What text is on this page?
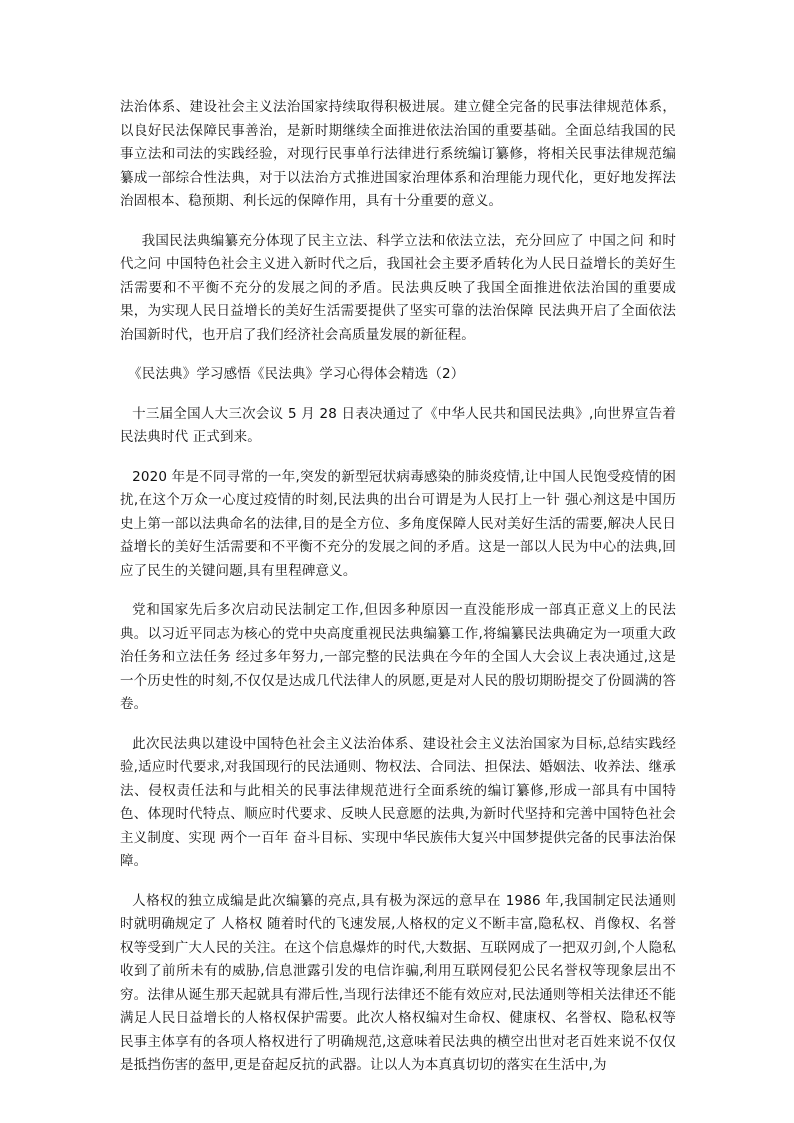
法治体系、建设社会主义法治国家持续取得积极进展。建立健全完备的民事法律规范体系，以良好民法保障民事善治，是新时期继续全面推进依法治国的重要基础。全面总结我国的民事立法和司法的实践经验，对现行民事单行法律进行系统编订纂修，将相关民事法律规范编纂成一部综合性法典，对于以法治方式推进国家治理体系和治理能力现代化，更好地发挥法治固根本、稳预期、利长远的保障作用，具有十分重要的意义。

我国民法典编纂充分体现了民主立法、科学立法和依法立法，充分回应了 中国之问 和时代之问 中国特色社会主义进入新时代之后，我国社会主要矛盾转化为人民日益增长的美好生活需要和不平衡不充分的发展之间的矛盾。民法典反映了我国全面推进依法治国的重要成果，为实现人民日益增长的美好生活需要提供了坚实可靠的法治保障 民法典开启了全面依法治国新时代，也开启了我们经济社会高质量发展的新征程。

《民法典》学习感悟《民法典》学习心得体会精选（2）

十三届全国人大三次会议 5 月 28 日表决通过了《中华人民共和国民法典》,向世界宣告着民法典时代 正式到来。

2020 年是不同寻常的一年,突发的新型冠状病毒感染的肺炎疫情,让中国人民饱受疫情的困扰,在这个万众一心度过疫情的时刻,民法典的出台可谓是为人民打上一针 强心剂这是中国历史上第一部以法典命名的法律,目的是全方位、多角度保障人民对美好生活的需要,解决人民日益增长的美好生活需要和不平衡不充分的发展之间的矛盾。这是一部以人民为中心的法典,回应了民生的关键问题,具有里程碑意义。

党和国家先后多次启动民法制定工作,但因多种原因一直没能形成一部真正意义上的民法典。以习近平同志为核心的党中央高度重视民法典编纂工作,将编纂民法典确定为一项重大政治任务和立法任务 经过多年努力,一部完整的民法典在今年的全国人大会议上表决通过,这是一个历史性的时刻,不仅仅是达成几代法律人的夙愿,更是对人民的殷切期盼提交了份圆满的答卷。

此次民法典以建设中国特色社会主义法治体系、建设社会主义法治国家为目标,总结实践经验,适应时代要求,对我国现行的民法通则、物权法、合同法、担保法、婚姻法、收养法、继承法、侵权责任法和与此相关的民事法律规范进行全面系统的编订纂修,形成一部具有中国特色、体现时代特点、顺应时代要求、反映人民意愿的法典,为新时代坚持和完善中国特色社会主义制度、实现 两个一百年 奋斗目标、实现中华民族伟大复兴中国梦提供完备的民事法治保障。

人格权的独立成编是此次编纂的亮点,具有极为深远的意早在 1986 年,我国制定民法通则时就明确规定了 人格权 随着时代的飞速发展,人格权的定义不断丰富,隐私权、肖像权、名誉权等受到广大人民的关注。在这个信息爆炸的时代,大数据、互联网成了一把双刃剑,个人隐私收到了前所未有的威胁,信息泄露引发的电信诈骗,利用互联网侵犯公民名誉权等现象层出不穷。法律从诞生那天起就具有滞后性,当现行法律还不能有效应对,民法通则等相关法律还不能满足人民日益增长的人格权保护需要。此次人格权编对生命权、健康权、名誉权、隐私权等民事主体享有的各项人格权进行了明确规范,这意味着民法典的横空出世对老百姓来说不仅仅是抵挡伤害的盔甲,更是奋起反抗的武器。让以人为本真真切切的落实在生活中,为
